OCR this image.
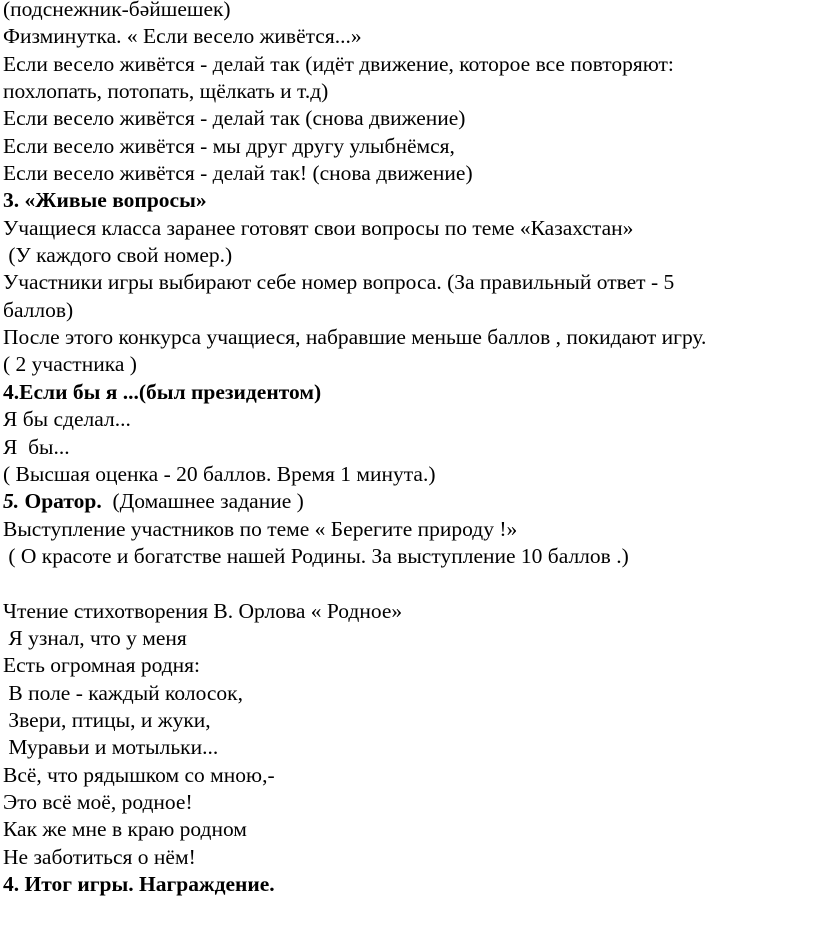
(подснежник-бәйшешек)
Физминутка. « Если весело живётся...»
Если весело живётся - делай так (идёт движение, которое все повторяют:
похлопать, потопать, щёлкать и т.д)
Если весело живётся - делай так (снова движение)
Если весело живётся - мы друг другу улыбнёмся,
Если весело живётся - делай так! (снова движение)
3. «Живые вопросы»
Учащиеся класса заранее готовят свои вопросы по теме «Казахстан»
(У каждого свой номер.)
Участники игры выбирают себе номер вопроса. (За правильный ответ - 5
баллов)
После этого конкурса учащиеся, набравшие меньше баллов , покидают игру.
( 2 участника )
4.Если бы я ...(был президентом)
Я бы сделал...
Я  бы...
( Высшая оценка - 20 баллов. Время 1 минута.)
5. Оратор.  (Домашнее задание )
Выступление участников по теме « Берегите природу !»
( О красоте и богатстве нашей Родины. За выступление 10 баллов .)
Чтение стихотворения В. Орлова « Родное»
Я узнал, что у меня
Есть огромная родня:
В поле - каждый колосок,
Звери, птицы, и жуки,
Муравьи и мотыльки...
Всё, что рядышком со мною,-
Это всё моё, родное!
Как же мне в краю родном
Не заботиться о нём!
4. Итог игры. Награждение.
